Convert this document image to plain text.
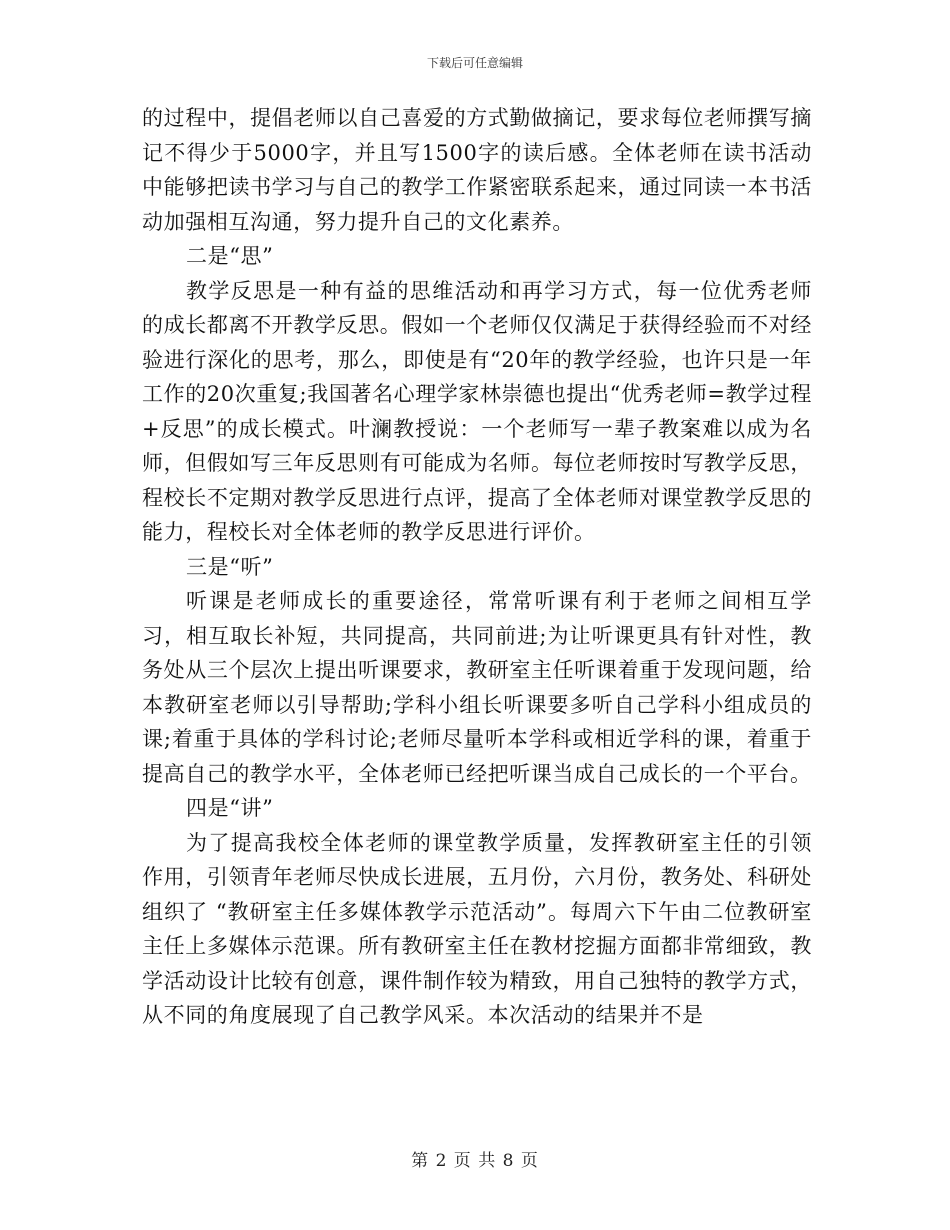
下载后可任意编辑

的过程中，提倡老师以自己喜爱的方式勤做摘记，要求每位老师撰写摘记不得少于5000字，并且写1500字的读后感。全体老师在读书活动中能够把读书学习与自己的教学工作紧密联系起来，通过同读一本书活动加强相互沟通，努力提升自己的文化素养。

二是“思”

教学反思是一种有益的思维活动和再学习方式，每一位优秀老师的成长都离不开教学反思。假如一个老师仅仅满足于获得经验而不对经验进行深化的思考，那么，即使是有“20年的教学经验，也许只是一年工作的20次重复;我国著名心理学家林崇德也提出“优秀老师=教学过程+反思”的成长模式。叶澜教授说：一个老师写一辈子教案难以成为名师，但假如写三年反思则有可能成为名师。每位老师按时写教学反思，程校长不定期对教学反思进行点评，提高了全体老师对课堂教学反思的能力，程校长对全体老师的教学反思进行评价。

三是“听”

听课是老师成长的重要途径，常常听课有利于老师之间相互学习，相互取长补短，共同提高，共同前进;为让听课更具有针对性，教务处从三个层次上提出听课要求，教研室主任听课着重于发现问题，给本教研室老师以引导帮助;学科小组长听课要多听自己学科小组成员的课;着重于具体的学科讨论;老师尽量听本学科或相近学科的课，着重于提高自己的教学水平，全体老师已经把听课当成自己成长的一个平台。

四是“讲”

为了提高我校全体老师的课堂教学质量，发挥教研室主任的引领作用，引领青年老师尽快成长进展，五月份，六月份，教务处、科研处组织了 “教研室主任多媒体教学示范活动”。每周六下午由二位教研室主任上多媒体示范课。所有教研室主任在教材挖掘方面都非常细致，教学活动设计比较有创意，课件制作较为精致，用自己独特的教学方式，从不同的角度展现了自己教学风采。本次活动的结果并不是

第 2 页 共 8 页
